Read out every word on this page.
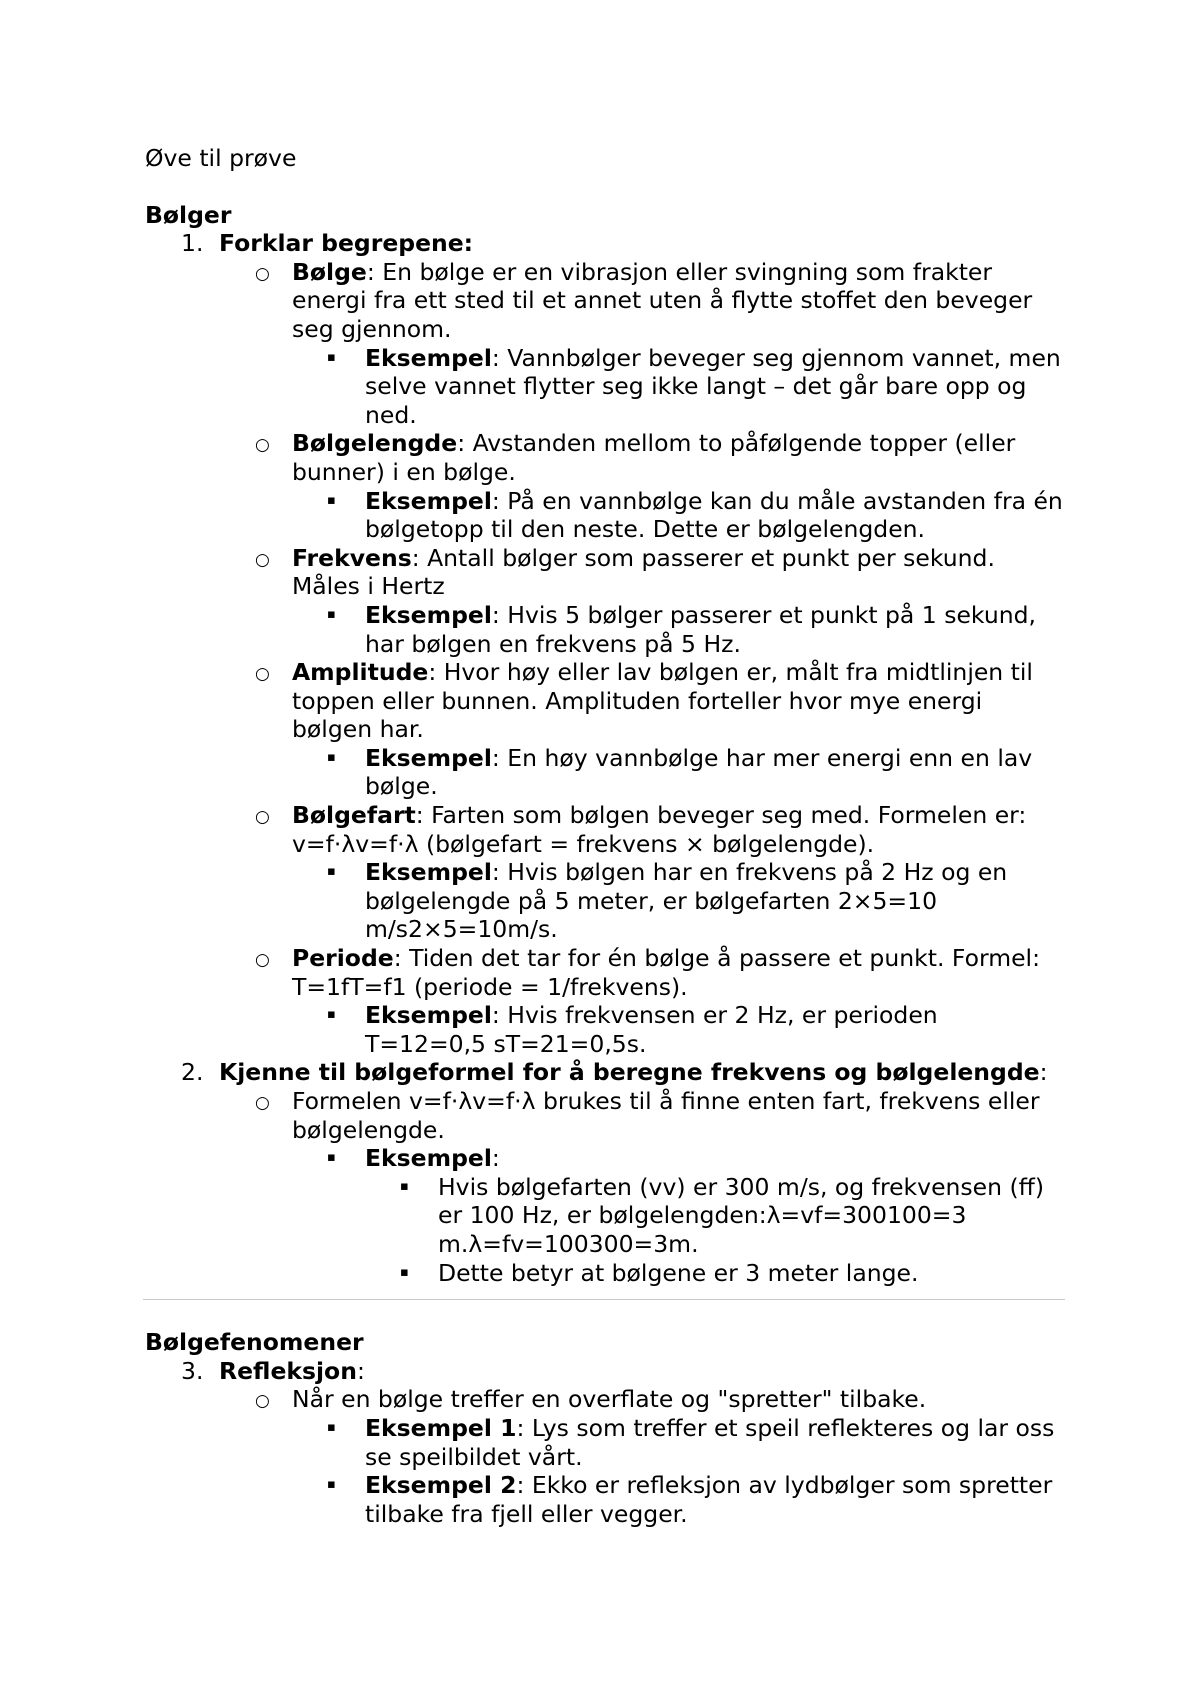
Øve til prøve

Bølger

1. Forklar begrepene:
○ Bølge: En bølge er en vibrasjon eller svingning som frakter energi fra ett sted til et annet uten å flytte stoffet den beveger seg gjennom.
▪ Eksempel: Vannbølger beveger seg gjennom vannet, men selve vannet flytter seg ikke langt – det går bare opp og ned.
○ Bølgelengde: Avstanden mellom to påfølgende topper (eller bunner) i en bølge.
▪ Eksempel: På en vannbølge kan du måle avstanden fra én bølgetopp til den neste. Dette er bølgelengden.
○ Frekvens: Antall bølger som passerer et punkt per sekund. Måles i Hertz
▪ Eksempel: Hvis 5 bølger passerer et punkt på 1 sekund, har bølgen en frekvens på 5 Hz.
○ Amplitude: Hvor høy eller lav bølgen er, målt fra midtlinjen til toppen eller bunnen. Amplituden forteller hvor mye energi bølgen har.
▪ Eksempel: En høy vannbølge har mer energi enn en lav bølge.
○ Bølgefart: Farten som bølgen beveger seg med. Formelen er: v=f⋅λv=f⋅λ (bølgefart = frekvens × bølgelengde).
▪ Eksempel: Hvis bølgen har en frekvens på 2 Hz og en bølgelengde på 5 meter, er bølgefarten 2×5=10 m/s2×5=10m/s.
○ Periode: Tiden det tar for én bølge å passere et punkt. Formel: T=1fT=f1 (periode = 1/frekvens).
▪ Eksempel: Hvis frekvensen er 2 Hz, er perioden T=12=0,5 sT=21=0,5s.
2. Kjenne til bølgeformel for å beregne frekvens og bølgelengde:
○ Formelen v=f⋅λv=f⋅λ brukes til å finne enten fart, frekvens eller bølgelengde.
▪ Eksempel:
▪ Hvis bølgefarten (vv) er 300 m/s, og frekvensen (ff) er 100 Hz, er bølgelengden:λ=vf=300100=3 m.λ=fv=100300=3m.
▪ Dette betyr at bølgene er 3 meter lange.

Bølgefenomener

3. Refleksjon:
○ Når en bølge treffer en overflate og "spretter" tilbake.
▪ Eksempel 1: Lys som treffer et speil reflekteres og lar oss se speilbildet vårt.
▪ Eksempel 2: Ekko er refleksjon av lydbølger som spretter tilbake fra fjell eller vegger.
